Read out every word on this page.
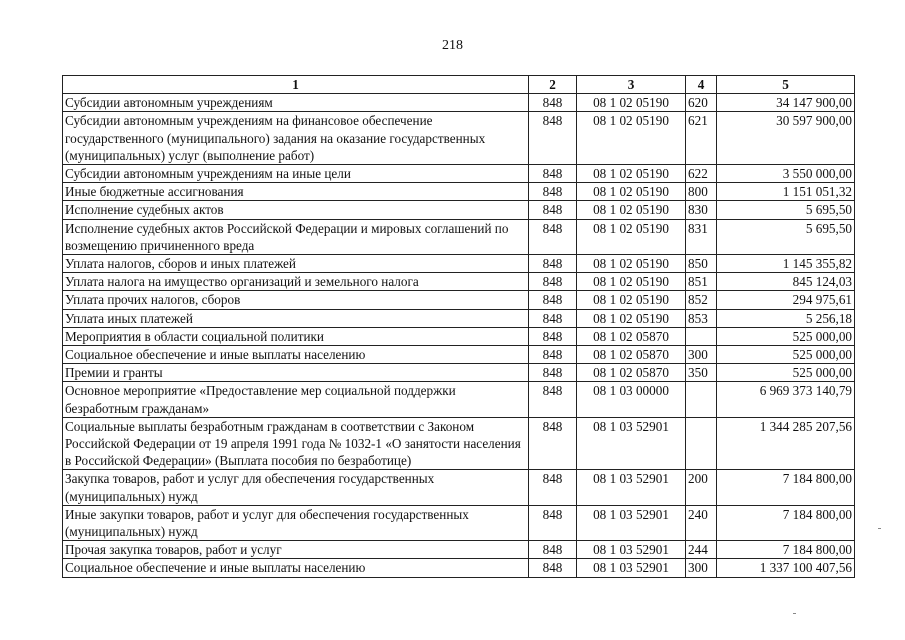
218
1	2	3	4	5
Субсидии автономным учреждениям	848	08 1 02 05190	620	34 147 900,00
Субсидии автономным учреждениям на финансовое обеспечение государственного (муниципального) задания на оказание государственных (муниципальных) услуг (выполнение работ)	848	08 1 02 05190	621	30 597 900,00
Субсидии автономным учреждениям на иные цели	848	08 1 02 05190	622	3 550 000,00
Иные бюджетные ассигнования	848	08 1 02 05190	800	1 151 051,32
Исполнение судебных актов	848	08 1 02 05190	830	5 695,50
Исполнение судебных актов Российской Федерации и мировых соглашений по возмещению причиненного вреда	848	08 1 02 05190	831	5 695,50
Уплата налогов, сборов и иных платежей	848	08 1 02 05190	850	1 145 355,82
Уплата налога на имущество организаций и земельного налога	848	08 1 02 05190	851	845 124,03
Уплата прочих налогов, сборов	848	08 1 02 05190	852	294 975,61
Уплата иных платежей	848	08 1 02 05190	853	5 256,18
Мероприятия в области социальной политики	848	08 1 02 05870		525 000,00
Социальное обеспечение и иные выплаты населению	848	08 1 02 05870	300	525 000,00
Премии и гранты	848	08 1 02 05870	350	525 000,00
Основное мероприятие «Предоставление мер социальной поддержки безработным гражданам»	848	08 1 03 00000		6 969 373 140,79
Социальные выплаты безработным гражданам в соответствии с Законом Российской Федерации от 19 апреля 1991 года № 1032-1 «О занятости населения в Российской Федерации» (Выплата пособия по безработице)	848	08 1 03 52901		1 344 285 207,56
Закупка товаров, работ и услуг для обеспечения государственных (муниципальных) нужд	848	08 1 03 52901	200	7 184 800,00
Иные закупки товаров, работ и услуг для обеспечения государственных (муниципальных) нужд	848	08 1 03 52901	240	7 184 800,00
Прочая закупка товаров, работ и услуг	848	08 1 03 52901	244	7 184 800,00
Социальное обеспечение и иные выплаты населению	848	08 1 03 52901	300	1 337 100 407,56
